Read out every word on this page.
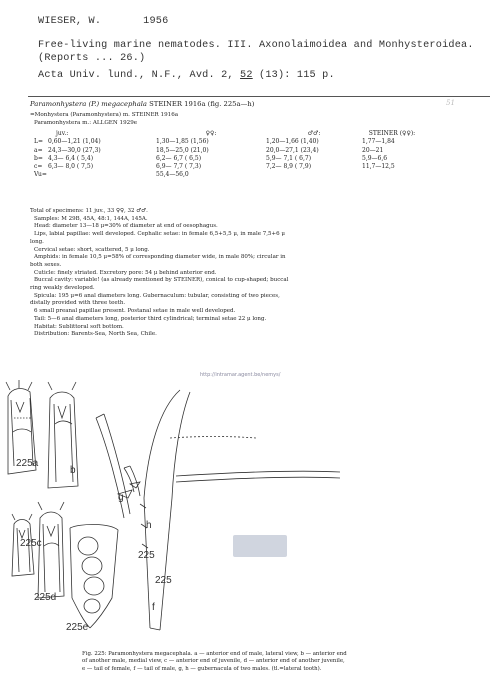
WIESER, W.	1956
Free-living marine nematodes. III. Axonolaimoidea and Monhysteroidea.
(Reports ... 26.)
Acta Univ. lund., N.F., Avd. 2, 52 (13): 115 p.
Paramonhystera (P.) megacephala STEINER 1916a (fig. 225a—h)	51
=Monhystera (Paramonhystera) m. STEINER 1916a
Paramonhystera m.: ALLGEN 1929e
	juv.:	♀♀:	♂♂:	STEINER (♀♀):
L=	0,60—1,21 (1,04)	1,30—1,85 (1,56)	1,20—1,66 (1,40)	1,77—1,84
a=	24,3—30,0 (27,3)	18,5—25,0 (21,0)	20,0—27,1 (23,4)	20—21
b=	4,3— 6,4 ( 5,4)	6,2— 6,7 ( 6,5)	5,9— 7,1 ( 6,7)	5,9—6,6
c=	6,3— 8,0 ( 7,5)	6,9— 7,7 ( 7,3)	7,2— 8,9 ( 7,9)	11,7—12,5
Vu=		55,4—56,0		

Total of specimens: 11 juv., 33 ♀♀, 32 ♂♂.

Samples: M 29B, 45A, 48:1, 144A, 145A.

Head: diameter 13—18 μ=30% of diameter at end of oesophagus.

Lips, labial papillae: well developed. Cephalic setae: in female 6,5+5,5 μ, in male 7,5+6 μ

long.

Cervical setae: short, scattered, 5 μ long.

Amphids: in female 10,5 μ=58% of corresponding diameter wide, in male 80%; circular in

both sexes.

Cuticle: finely striated. Excretory pore: 54 μ behind anterior end.

Buccal cavity: variable! (as already mentioned by STEINER), conical to cup-shaped; buccal

ring weakly developed.

Spicula: 195 μ=6 anal diameters long. Gubernaculum: tubular, consisting of two pieces,

distally provided with three teeth.

6 small preanal papillae present. Postanal setae in male well developed.

Tail: 5—6 anal diameters long, posterior third cylindrical; terminal setae 22 μ long.

Habitat: Sublittoral soft bottom.

Distribution: Barents-Sea, North Sea, Chile.

http://intramar.agent.be/nemys/
225a
b
g
h
225c
225
225
225d
f
225e

Fig. 225: Paramonhystera megacephala. a — anterior end of male, lateral view, b — anterior end

of another male, medial view, c — anterior end of juvenile, d — anterior end of another juvenile,

e — tail of female, f — tail of male, g, h — gubernacula of two males. (tl.=lateral tooth).
